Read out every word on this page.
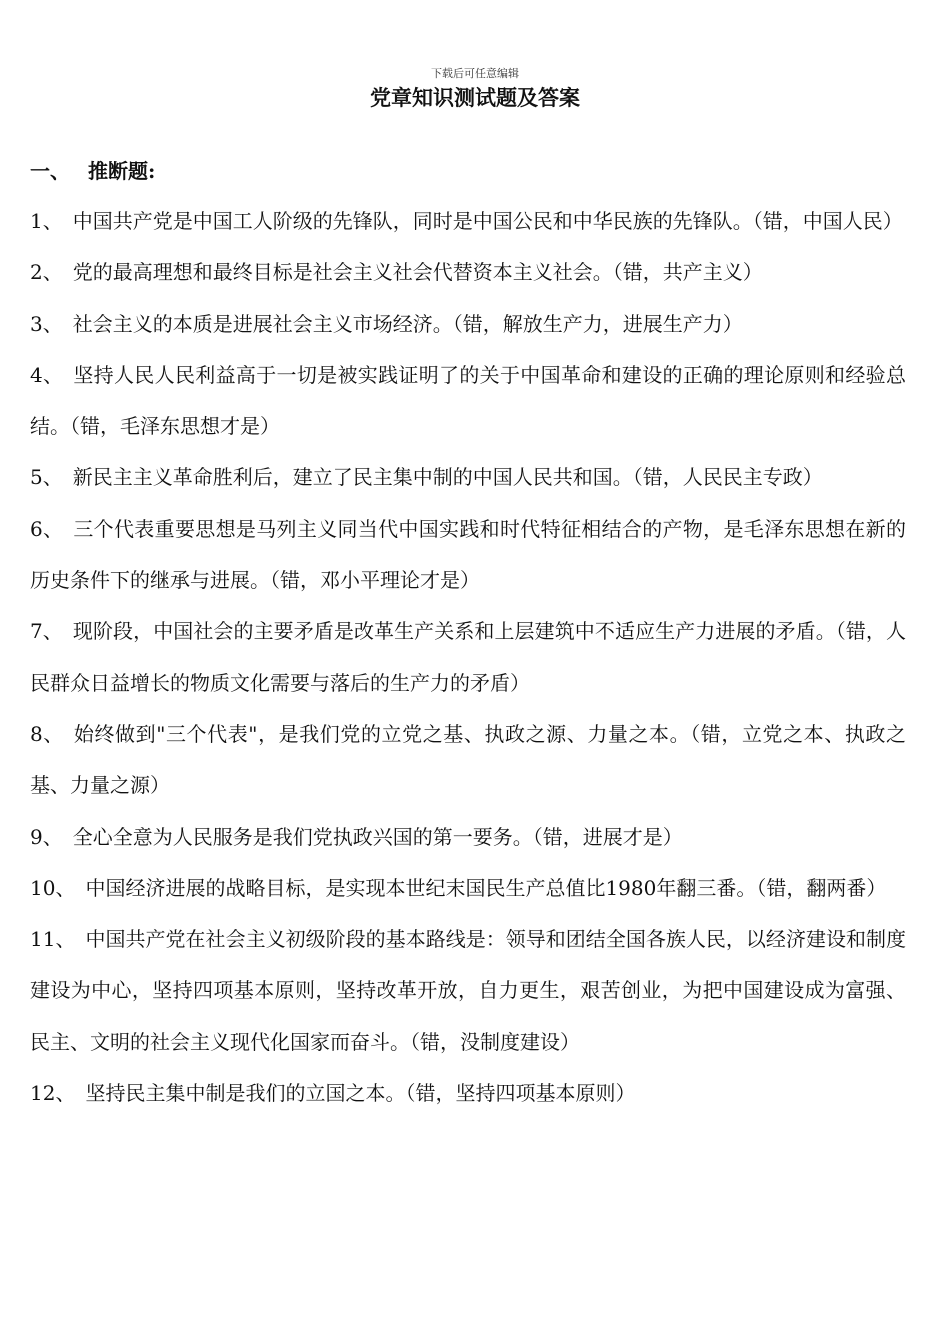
下载后可任意编辑
党章知识测试题及答案
一、 推断题:
1、 中国共产党是中国工人阶级的先锋队，同时是中国公民和中华民族的先锋队。（错，中国人民）
2、 党的最高理想和最终目标是社会主义社会代替资本主义社会。（错，共产主义）
3、 社会主义的本质是进展社会主义市场经济。（错，解放生产力，进展生产力）
4、 坚持人民人民利益高于一切是被实践证明了的关于中国革命和建设的正确的理论原则和经验总结。（错，毛泽东思想才是）
5、 新民主主义革命胜利后，建立了民主集中制的中国人民共和国。（错，人民民主专政）
6、 三个代表重要思想是马列主义同当代中国实践和时代特征相结合的产物，是毛泽东思想在新的历史条件下的继承与进展。（错，邓小平理论才是）
7、 现阶段，中国社会的主要矛盾是改革生产关系和上层建筑中不适应生产力进展的矛盾。（错，人民群众日益增长的物质文化需要与落后的生产力的矛盾）
8、 始终做到"三个代表"，是我们党的立党之基、执政之源、力量之本。（错，立党之本、执政之基、力量之源）
9、 全心全意为人民服务是我们党执政兴国的第一要务。（错，进展才是）
10、 中国经济进展的战略目标，是实现本世纪末国民生产总值比1980年翻三番。（错，翻两番）
11、 中国共产党在社会主义初级阶段的基本路线是：领导和团结全国各族人民，以经济建设和制度建设为中心，坚持四项基本原则，坚持改革开放，自力更生，艰苦创业，为把中国建设成为富强、民主、文明的社会主义现代化国家而奋斗。（错，没制度建设）
12、 坚持民主集中制是我们的立国之本。（错，坚持四项基本原则）
